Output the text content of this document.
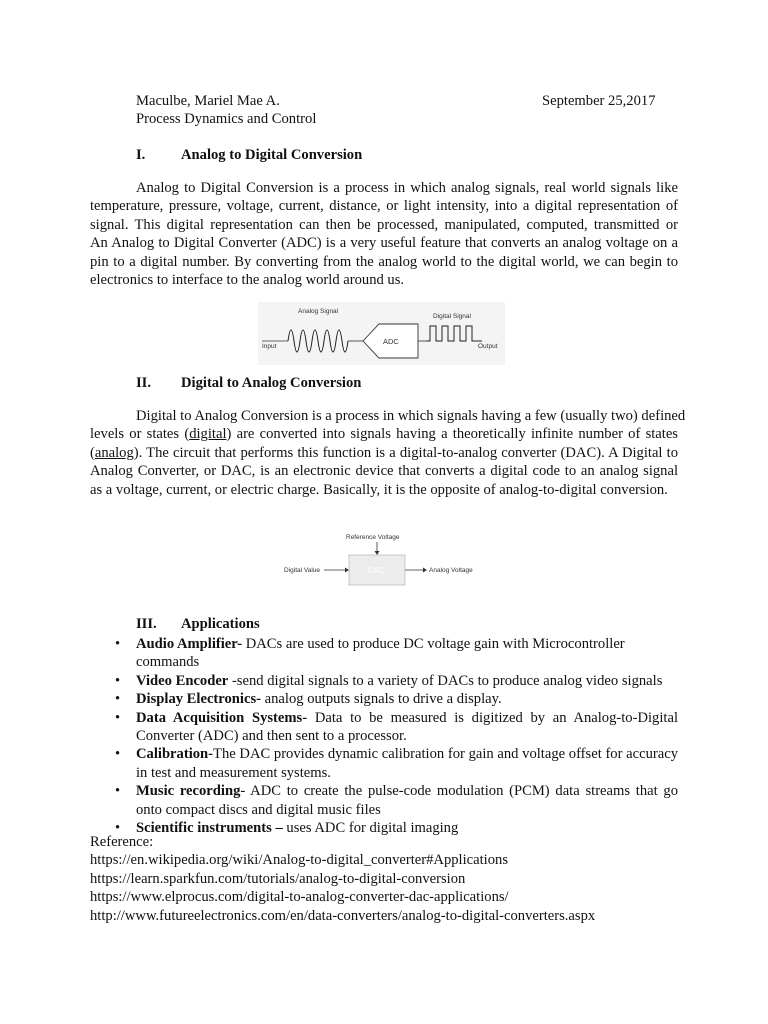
Maculbe, Mariel Mae A.
Process Dynamics and Control
September 25,2017
I. Analog to Digital Conversion
Analog to Digital Conversion is a process in which analog signals, real world signals like
temperature, pressure, voltage, current, distance, or light intensity, into a digital representation of
signal. This digital representation can then be processed, manipulated, computed, transmitted or
An Analog to Digital Converter (ADC) is a very useful feature that converts an analog voltage on a
pin to a digital number. By converting from the analog world to the digital world, we can begin to
electronics to interface to the analog world around us.
Analog Signal
Input
ADC
Digital Signal
Output
II. Digital to Analog Conversion
Digital to Analog Conversion is a process in which signals having a few (usually two) defined
levels or states (digital) are converted into signals having a theoretically infinite number of states
(analog). The circuit that performs this function is a digital-to-analog converter (DAC). A Digital to
Analog Converter, or DAC, is an electronic device that converts a digital code to an analog signal
as a voltage, current, or electric charge. Basically, it is the opposite of analog-to-digital conversion.
Reference Voltage
Digital Value	DAC	Analog Voltage
III. Applications
• Audio Amplifier- DACs are used to produce DC voltage gain with Microcontroller commands
• Video Encoder -send digital signals to a variety of DACs to produce analog video signals
• Display Electronics- analog outputs signals to drive a display.
• Data Acquisition Systems- Data to be measured is digitized by an Analog-to-Digital
Converter (ADC) and then sent to a processor.
• Calibration-The DAC provides dynamic calibration for gain and voltage offset for accuracy
in test and measurement systems.
• Music recording- ADC to create the pulse-code modulation (PCM) data streams that go
onto compact discs and digital music files
• Scientific instruments – uses ADC for digital imaging
Reference:
https://en.wikipedia.org/wiki/Analog-to-digital_converter#Applications
https://learn.sparkfun.com/tutorials/analog-to-digital-conversion
https://www.elprocus.com/digital-to-analog-converter-dac-applications/
http://www.futureelectronics.com/en/data-converters/analog-to-digital-converters.aspx
